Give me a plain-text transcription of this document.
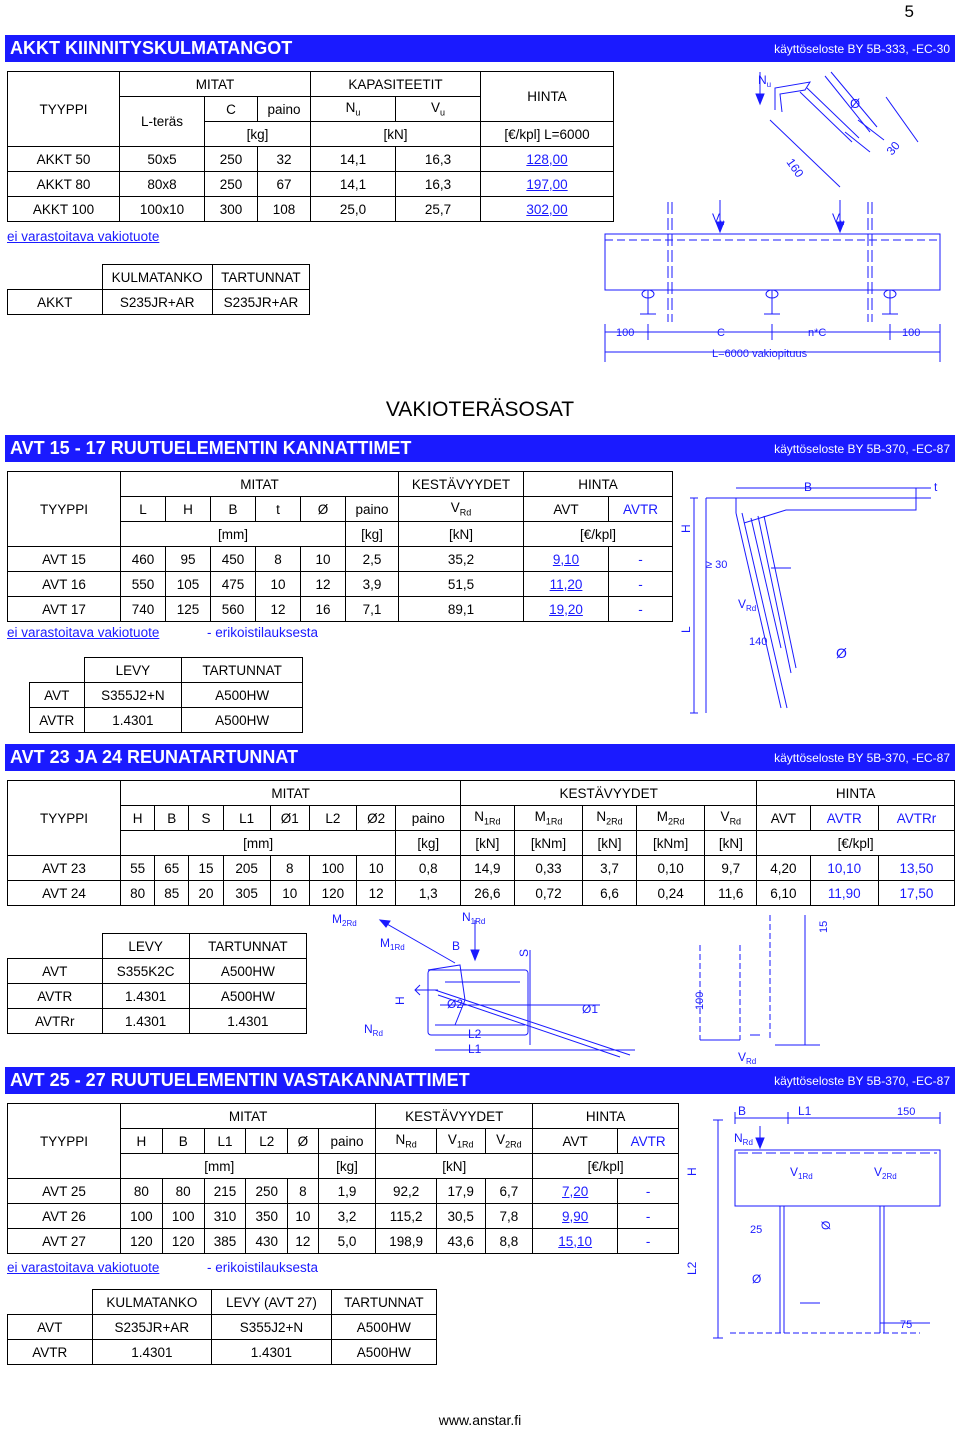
5
AKKT KIINNITYSKULMATANGOT	käyttöseloste BY 5B-333, -EC-30
TYYPPI	MITAT			KAPASITEETIT		HINTA
	L-teräs	C	paino	$N_u$	$V_u$
		[kg]		[kN]		[€/kpl] L=6000
AKKT 50	50x5	250	32	14,1	16,3	128,00
AKKT 80	80x8	250	67	14,1	16,3	197,00
AKKT 100	100x10	300	108	25,0	25,7	302,00
ei varastoitava vakiotuote
	KULMATANKO	TARTUNNAT
AKKT	S235JR+AR	S235JR+AR
$N_u$
Ø
160
30
$V_u$	$V_u$
100	C	n*C	100
L=6000 vakiopituus
VAKIOTERÄSOSAT
AVT 15 - 17 RUUTUELEMENTIN KANNATTIMET	käyttöseloste BY 5B-370, -EC-87
TYYPPI	MITAT						KESTÄVYYDET	HINTA	
	L	H	B	t	Ø	paino	$V_{Rd}$	AVT	AVTR
	[mm]					[kg]	[kN]	[€/kpl]	
AVT 15	460	95	450	8	10	2,5	35,2	9,10	-
AVT 16	550	105	475	10	12	3,9	51,5	11,20	-
AVT 17	740	125	560	12	16	7,1	89,1	19,20	-
ei varastoitava vakiotuote	- erikoistilauksesta
	LEVY	TARTUNNAT
AVT	S355J2+N	A500HW
AVTR	1.4301	A500HW
B	t
H
≥ 30
$V_{Rd}$
L
140
Ø
AVT 23 JA 24 REUNATARTUNNAT	käyttöseloste BY 5B-370, -EC-87
TYYPPI	MITAT								KESTÄVYYDET					HINTA		
	H	B	S	L1	Ø1	L2	Ø2	paino	$N_{1Rd}$	$M_{1Rd}$	$N_{2Rd}$	$M_{2Rd}$	$V_{Rd}$	AVT	AVTR	AVTRr
	[mm]							[kg]	[kN]	[kNm]	[kN]	[kNm]	[kN]	[€/kpl]		
AVT 23	55	65	15	205	8	100	10	0,8	14,9	0,33	3,7	0,10	9,7	4,20	10,10	13,50
AVT 24	80	85	20	305	10	120	12	1,3	26,6	0,72	6,6	0,24	11,6	6,10	11,90	17,50
	LEVY	TARTUNNAT
AVT	S355K2C	A500HW
AVTR	1.4301	A500HW
AVTRr	1.4301	1.4301
$M_{2Rd}$	$N_{1Rd}$
$M_{1Rd}$	B	S
H
$N_{Rd}$
Ø2	Ø1
L2
L1
100
15
$V_{Rd}$
AVT 25 - 27 RUUTUELEMENTIN VASTAKANNATTIMET	käyttöseloste BY 5B-370, -EC-87
TYYPPI	MITAT						KESTÄVYYDET			HINTA	
	H	B	L1	L2	Ø	paino	$N_{Rd}$	$V_{1Rd}$	$V_{2Rd}$	AVT	AVTR
	[mm]					[kg]	[kN]			[€/kpl]	
AVT 25	80	80	215	250	8	1,9	92,2	17,9	6,7	7,20	-
AVT 26	100	100	310	350	10	3,2	115,2	30,5	7,8	9,90	-
AVT 27	120	120	385	430	12	5,0	198,9	43,6	8,8	15,10	-
ei varastoitava vakiotuote	- erikoistilauksesta
	KULMATANKO	LEVY (AVT 27)	TARTUNNAT
AVT	S235JR+AR	S355J2+N	A500HW
AVTR	1.4301	1.4301	A500HW
B	L1	150
$N_{Rd}$
H	$V_{1Rd}$	$V_{2Rd}$
25	Ø
L2
Ø
75
www.anstar.fi
